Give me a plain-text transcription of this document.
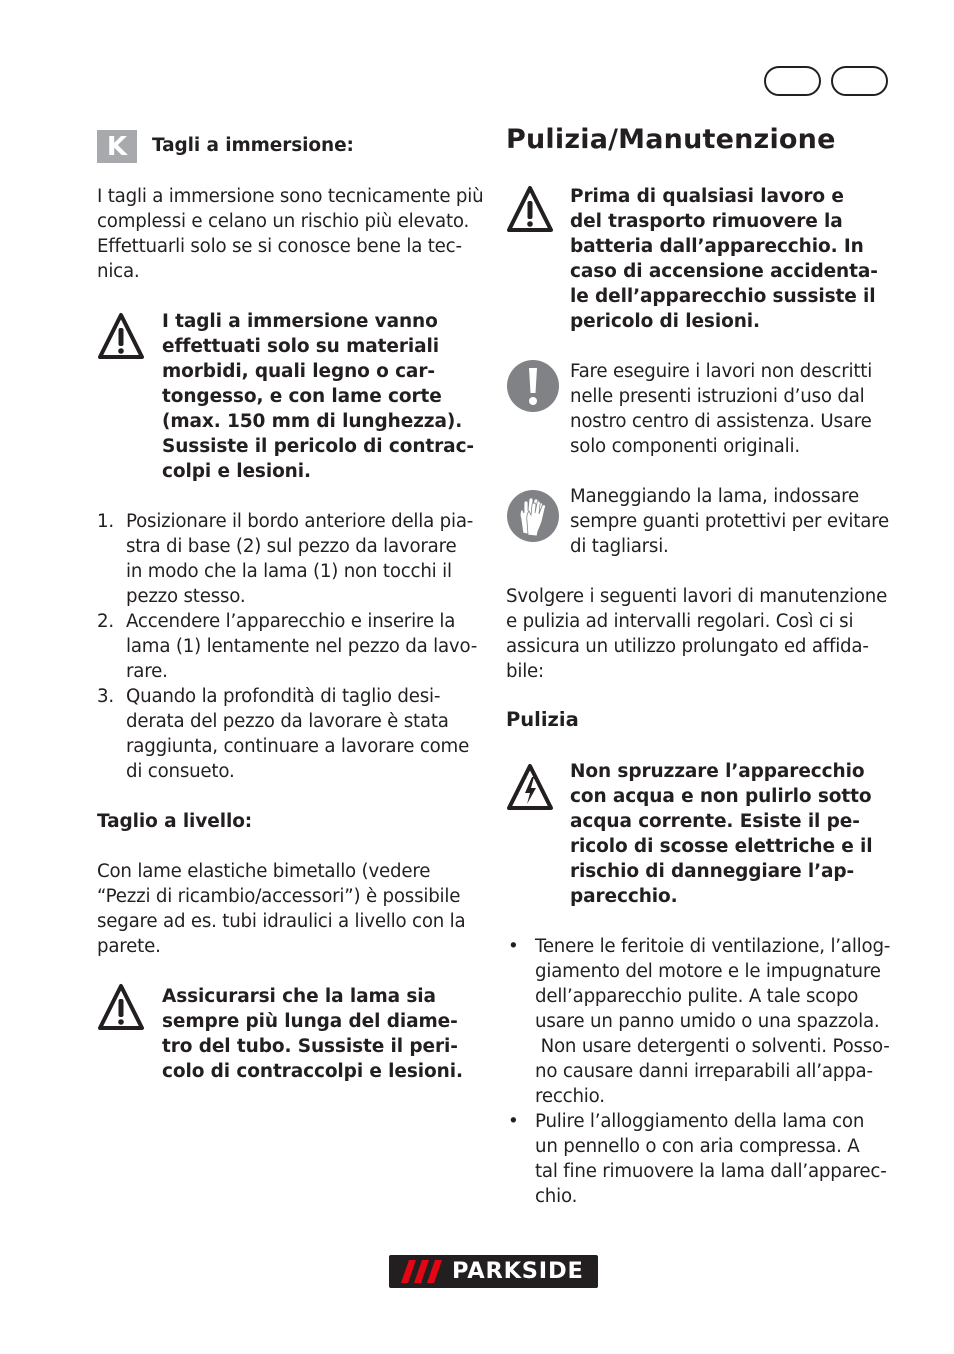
K	Tagli a immersione:

I tagli a immersione sono tecnicamente più

complessi e celano un rischio più elevato.

Effettuarli solo se si conosce bene la tec-

nica.

I tagli a immersione vanno

effettuati solo su materiali

morbidi, quali legno o car-

tongesso, e con lame corte

(max. 150 mm di lunghezza).

Sussiste il pericolo di contrac-

colpi e lesioni.

1. Posizionare il bordo anteriore della pia-

stra di base (2) sul pezzo da lavorare

in modo che la lama (1) non tocchi il

pezzo stesso.

2. Accendere l’apparecchio e inserire la

lama (1) lentamente nel pezzo da lavo-

rare.

3. Quando la profondità di taglio desi-

derata del pezzo da lavorare è stata

raggiunta, continuare a lavorare come

di consueto.

Taglio a livello:

Con lame elastiche bimetallo (vedere

“Pezzi di ricambio/accessori”) è possibile

segare ad es. tubi idraulici a livello con la

parete.

Assicurarsi che la lama sia

sempre più lunga del diame-

tro del tubo. Sussiste il peri-

colo di contraccolpi e lesioni.

Pulizia/Manutenzione

Prima di qualsiasi lavoro e

del trasporto rimuovere la

batteria dall’apparecchio. In

caso di accensione accidenta-

le dell’apparecchio sussiste il

pericolo di lesioni.

Fare eseguire i lavori non descritti

nelle presenti istruzioni d’uso dal

nostro centro di assistenza. Usare

solo componenti originali.

Maneggiando la lama, indossare

sempre guanti protettivi per evitare

di tagliarsi.

Svolgere i seguenti lavori di manutenzione

e pulizia ad intervalli regolari. Così ci si

assicura un utilizzo prolungato ed affida-

bile:

Pulizia

Non spruzzare l’apparecchio

con acqua e non pulirlo sotto

acqua corrente. Esiste il pe-

ricolo di scosse elettriche e il

rischio di danneggiare l’ap-

parecchio.

• Tenere le feritoie di ventilazione, l’allog-

giamento del motore e le impugnature

dell’apparecchio pulite. A tale scopo

usare un panno umido o una spazzola.

Non usare detergenti o solventi. Posso-

no causare danni irreparabili all’appa-

recchio.

• Pulire l’alloggiamento della lama con

un pennello o con aria compressa. A

tal fine rimuovere la lama dall’apparec-

chio.

PARKSIDE
